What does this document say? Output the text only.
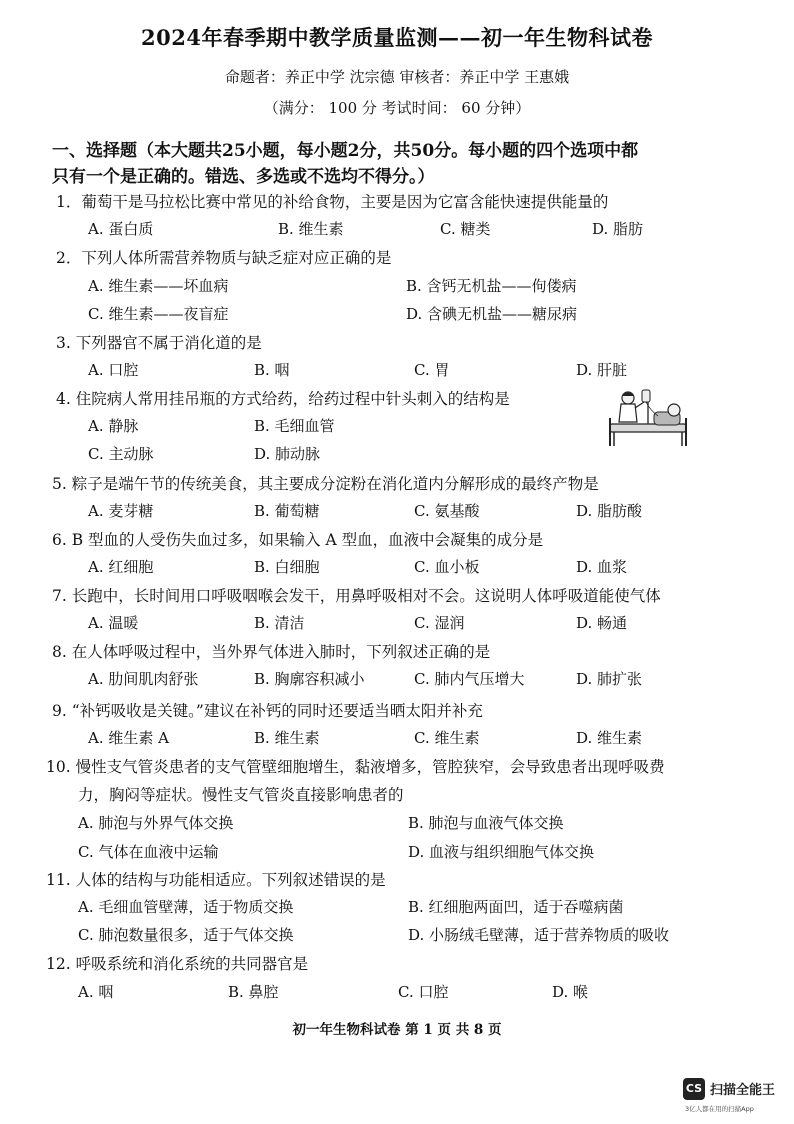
2024年春季期中教学质量监测——初一年生物科试卷
命题者：养正中学 沈宗德 审核者：养正中学 王惠娥
（满分： 100 分 考试时间： 60 分钟）
一、选择题（本大题共25小题，每小题2分，共50分。每小题的四个选项中都
只有一个是正确的。错选、多选或不选均不得分。）
1．葡萄干是马拉松比赛中常见的补给食物，主要是因为它富含能快速提供能量的
A. 蛋白质	B. 维生素	C. 糖类	D. 脂肪
2．下列人体所需营养物质与缺乏症对应正确的是
A. 维生素——坏血病	B. 含钙无机盐——佝偻病
C. 维生素——夜盲症	D. 含碘无机盐——糖尿病
3. 下列器官不属于消化道的是
A. 口腔	B. 咽	C. 胃	D. 肝脏
4. 住院病人常用挂吊瓶的方式给药，给药过程中针头刺入的结构是
A. 静脉	B. 毛细血管
C. 主动脉	D. 肺动脉
5. 粽子是端午节的传统美食，其主要成分淀粉在消化道内分解形成的最终产物是
A. 麦芽糖	B. 葡萄糖	C. 氨基酸	D. 脂肪酸
6. B 型血的人受伤失血过多，如果输入 A 型血，血液中会凝集的成分是
A. 红细胞	B. 白细胞	C. 血小板	D. 血浆
7. 长跑中，长时间用口呼吸咽喉会发干，用鼻呼吸相对不会。这说明人体呼吸道能使气体
A. 温暖	B. 清洁	C. 湿润	D. 畅通
8. 在人体呼吸过程中，当外界气体进入肺时，下列叙述正确的是
A. 肋间肌肉舒张	B. 胸廓容积减小	C. 肺内气压增大	D. 肺扩张
9. “补钙吸收是关键。”建议在补钙的同时还要适当晒太阳并补充
A. 维生素 A	B. 维生素	C. 维生素	D. 维生素
10. 慢性支气管炎患者的支气管壁细胞增生，黏液增多，管腔狭窄，会导致患者出现呼吸费
力，胸闷等症状。慢性支气管炎直接影响患者的
A. 肺泡与外界气体交换	B. 肺泡与血液气体交换
C. 气体在血液中运输	D. 血液与组织细胞气体交换
11. 人体的结构与功能相适应。下列叙述错误的是
A. 毛细血管壁薄，适于物质交换	B. 红细胞两面凹，适于吞噬病菌
C. 肺泡数量很多，适于气体交换	D. 小肠绒毛壁薄，适于营养物质的吸收
12. 呼吸系统和消化系统的共同器官是
A. 咽	B. 鼻腔	C. 口腔	D. 喉
初一年生物科试卷 第 1 页 共 8 页
CS 扫描全能王
3亿人都在用的扫描App
